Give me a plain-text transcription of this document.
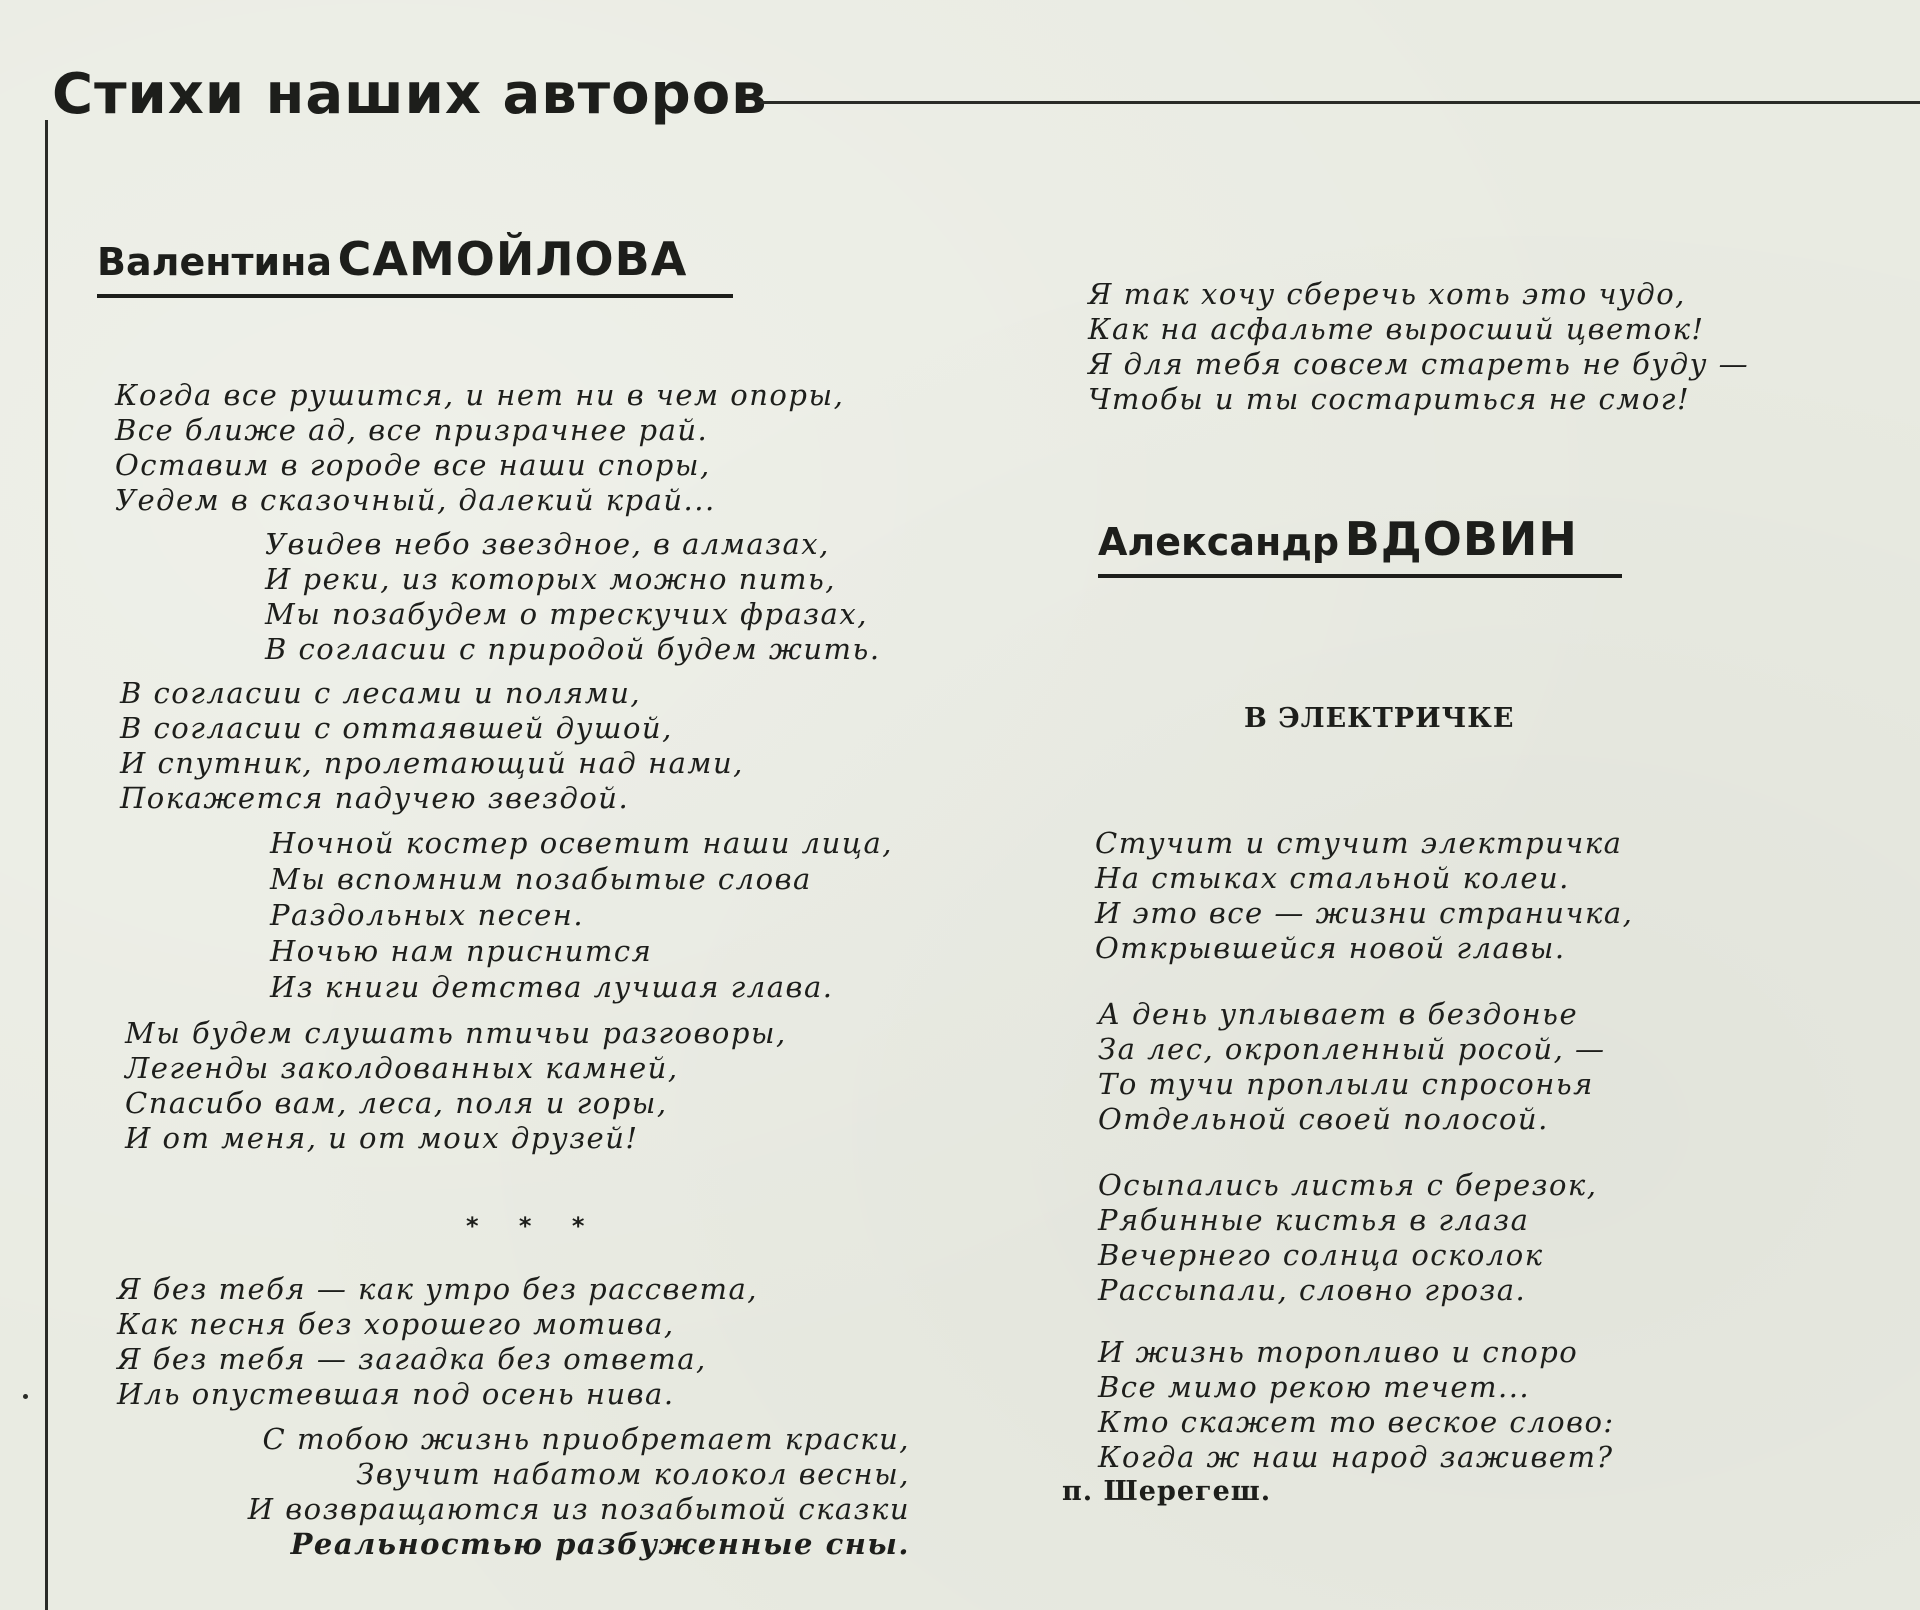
Стихи наших авторов
Валентина САМОЙЛОВА
Когда все рушится, и нет ни в чем опоры,
Все ближе ад, все призрачнее рай.
Оставим в городе все наши споры,
Уедем в сказочный, далекий край...
Увидев небо звездное, в алмазах,
И реки, из которых можно пить,
Мы позабудем о трескучих фразах,
В согласии с природой будем жить.
В согласии с лесами и полями,
В согласии с оттаявшей душой,
И спутник, пролетающий над нами,
Покажется падучею звездой.
Ночной костер осветит наши лица,
Мы вспомним позабытые слова
Раздольных песен.
Ночью нам приснится
Из книги детства лучшая глава.
Мы будем слушать птичьи разговоры,
Легенды заколдованных камней,
Спасибо вам, леса, поля и горы,
И от меня, и от моих друзей!
* * *
Я без тебя — как утро без рассвета,
Как песня без хорошего мотива,
Я без тебя — загадка без ответа,
Иль опустевшая под осень нива.
С тобою жизнь приобретает краски,
Звучит набатом колокол весны,
И возвращаются из позабытой сказки
Реальностью разбуженные сны.
Я так хочу сберечь хоть это чудо,
Как на асфальте выросший цветок!
Я для тебя совсем стареть не буду —
Чтобы и ты состариться не смог!
Александр ВДОВИН
В ЭЛЕКТРИЧКЕ
Стучит и стучит электричка
На стыках стальной колеи.
И это все — жизни страничка,
Открывшейся новой главы.
А день уплывает в бездонье
За лес, окропленный росой, —
То тучи проплыли спросонья
Отдельной своей полосой.
Осыпались листья с березок,
Рябинные кистья в глаза
Вечернего солнца осколок
Рассыпали, словно гроза.
И жизнь торопливо и споро
Все мимо рекою течет...
Кто скажет то веское слово:
Когда ж наш народ заживет?
п. Шерегеш.
